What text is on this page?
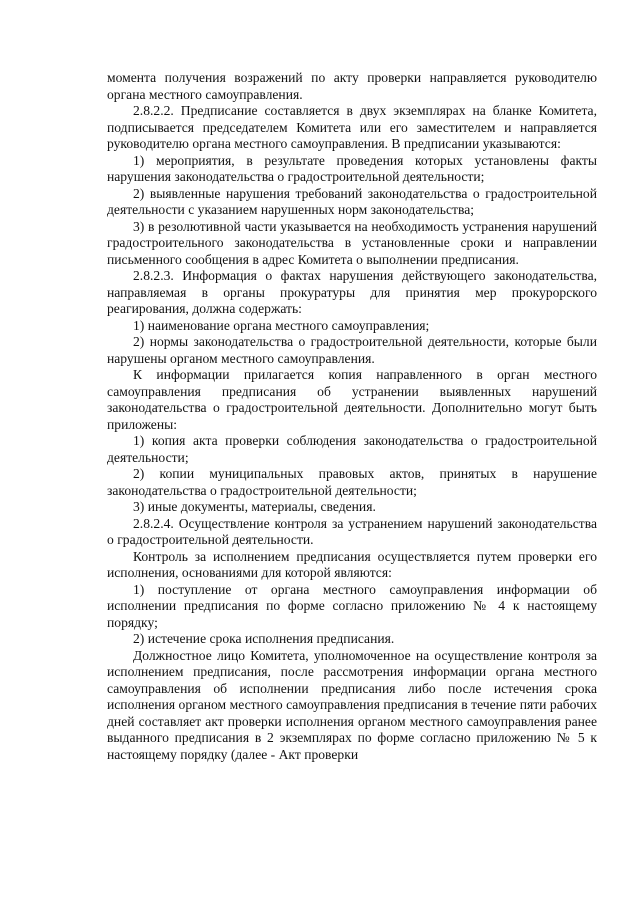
момента получения возражений по акту проверки направляется руководителю органа местного самоуправления.

2.8.2.2. Предписание составляется в двух экземплярах на бланке Комитета, подписывается председателем Комитета или его заместителем и направляется руководителю органа местного самоуправления. В предписании указываются:

1) мероприятия, в результате проведения которых установлены факты нарушения законодательства о градостроительной деятельности;

2) выявленные нарушения требований законодательства о градостроительной деятельности с указанием нарушенных норм законодательства;

3) в резолютивной части указывается на необходимость устранения нарушений градостроительного законодательства в установленные сроки и направлении письменного сообщения в адрес Комитета о выполнении предписания.

2.8.2.3. Информация о фактах нарушения действующего законодательства, направляемая в органы прокуратуры для принятия мер прокурорского реагирования, должна содержать:

1) наименование органа местного самоуправления;

2) нормы законодательства о градостроительной деятельности, которые были нарушены органом местного самоуправления.

К информации прилагается копия направленного в орган местного самоуправления предписания об устранении выявленных нарушений законодательства о градостроительной деятельности. Дополнительно могут быть приложены:

1) копия акта проверки соблюдения законодательства о градостроительной деятельности;

2) копии муниципальных правовых актов, принятых в нарушение законодательства о градостроительной деятельности;

3) иные документы, материалы, сведения.

2.8.2.4. Осуществление контроля за устранением нарушений законодательства о градостроительной деятельности.

Контроль за исполнением предписания осуществляется путем проверки его исполнения, основаниями для которой являются:

1) поступление от органа местного самоуправления информации об исполнении предписания по форме согласно приложению № 4 к настоящему порядку;

2) истечение срока исполнения предписания.

Должностное лицо Комитета, уполномоченное на осуществление контроля за исполнением предписания, после рассмотрения информации органа местного самоуправления об исполнении предписания либо после истечения срока исполнения органом местного самоуправления предписания в течение пяти рабочих дней составляет акт проверки исполнения органом местного самоуправления ранее выданного предписания в 2 экземплярах по форме согласно приложению № 5 к настоящему порядку (далее - Акт проверки
